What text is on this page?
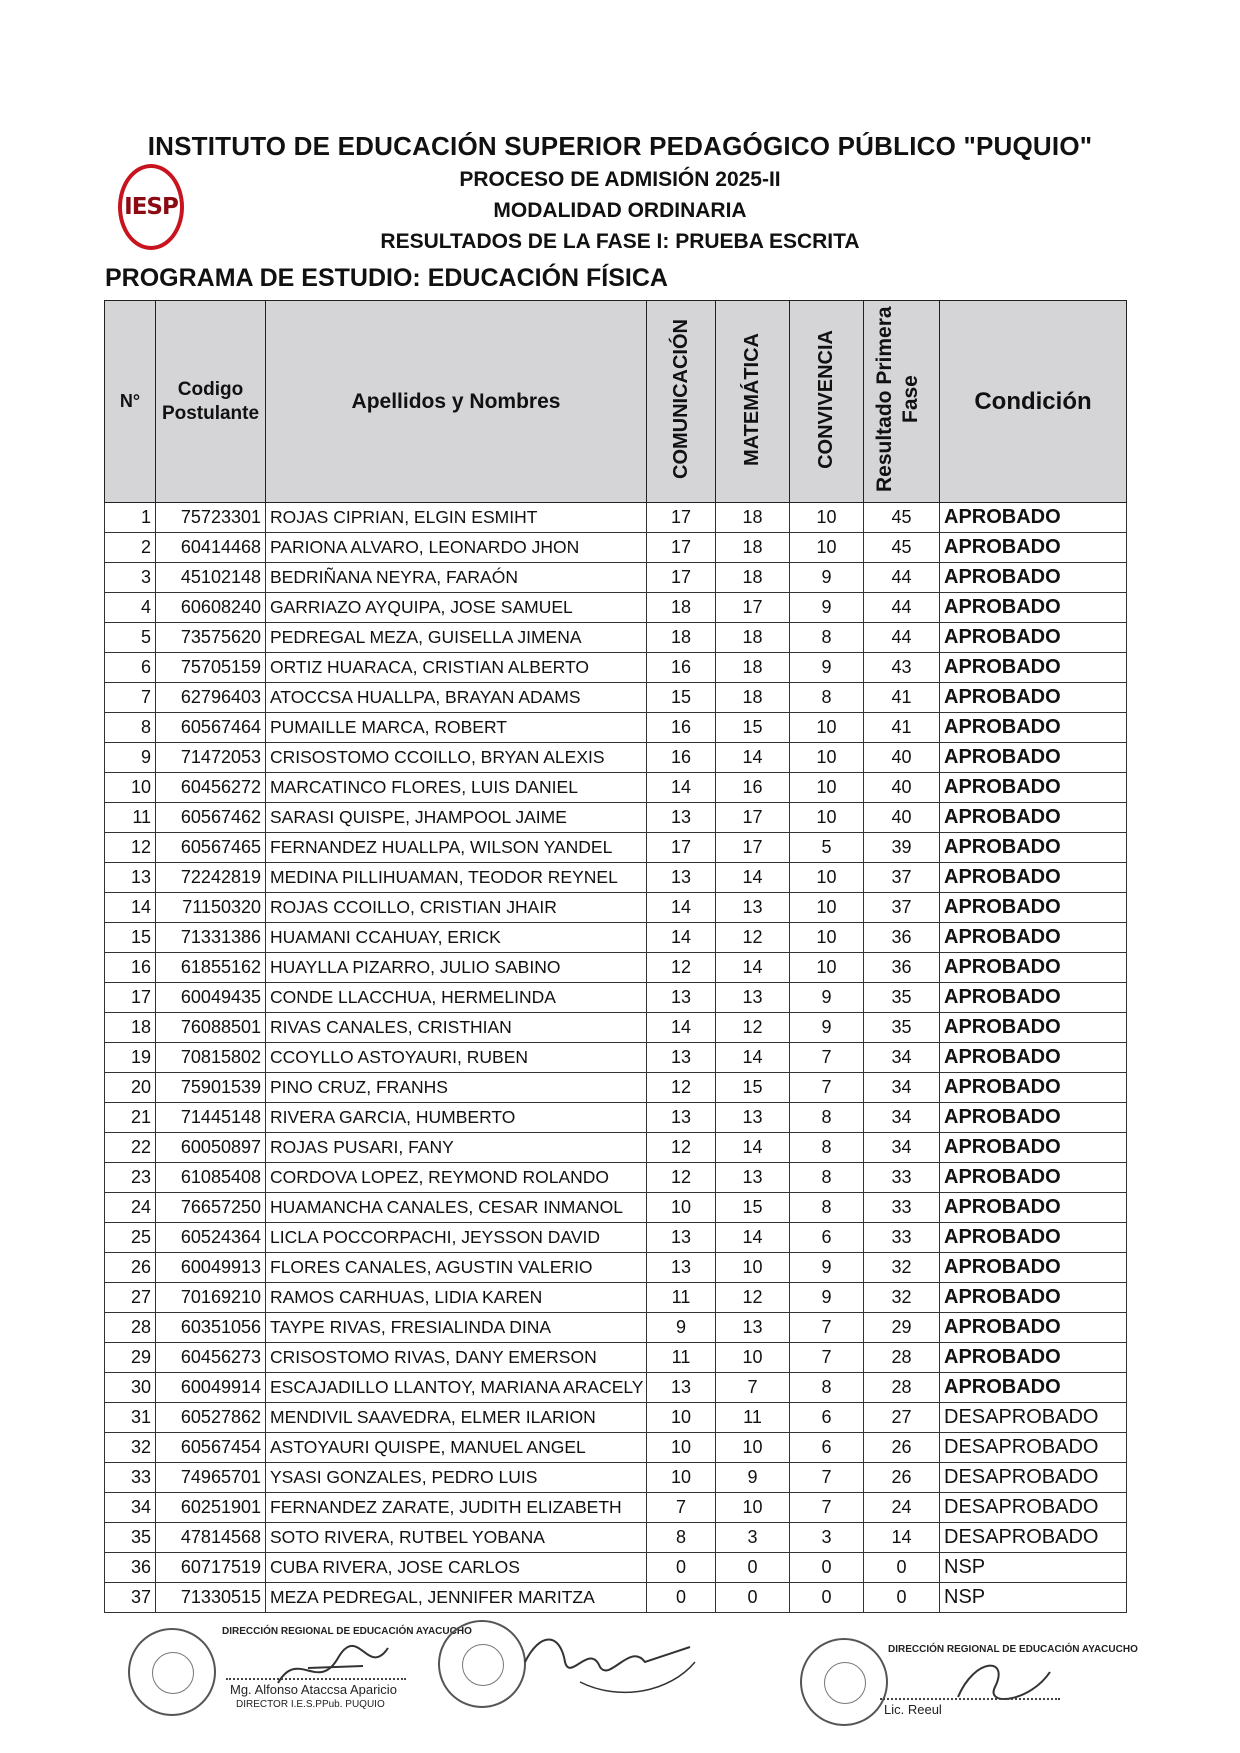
INSTITUTO DE EDUCACIÓN SUPERIOR PEDAGÓGICO PÚBLICO "PUQUIO"

PROCESO DE ADMISIÓN 2025-II

MODALIDAD ORDINARIA

RESULTADOS DE LA FASE I: PRUEBA ESCRITA

IESP
PROGRAMA DE ESTUDIO: EDUCACIÓN FÍSICA
N°	Codigo Postulante	Apellidos y Nombres	COMUNICACIÓN	MATEMÁTICA	CONVIVENCIA	Resultado Primera Fase	Condición
1	75723301	ROJAS CIPRIAN, ELGIN ESMIHT	17	18	10	45	APROBADO
2	60414468	PARIONA ALVARO, LEONARDO JHON	17	18	10	45	APROBADO
3	45102148	BEDRIÑANA NEYRA, FARAÓN	17	18	9	44	APROBADO
4	60608240	GARRIAZO AYQUIPA, JOSE SAMUEL	18	17	9	44	APROBADO
5	73575620	PEDREGAL MEZA, GUISELLA JIMENA	18	18	8	44	APROBADO
6	75705159	ORTIZ HUARACA, CRISTIAN ALBERTO	16	18	9	43	APROBADO
7	62796403	ATOCCSA HUALLPA, BRAYAN ADAMS	15	18	8	41	APROBADO
8	60567464	PUMAILLE MARCA, ROBERT	16	15	10	41	APROBADO
9	71472053	CRISOSTOMO CCOILLO, BRYAN ALEXIS	16	14	10	40	APROBADO
10	60456272	MARCATINCO FLORES, LUIS DANIEL	14	16	10	40	APROBADO
11	60567462	SARASI QUISPE, JHAMPOOL JAIME	13	17	10	40	APROBADO
12	60567465	FERNANDEZ HUALLPA, WILSON YANDEL	17	17	5	39	APROBADO
13	72242819	MEDINA PILLIHUAMAN, TEODOR REYNEL	13	14	10	37	APROBADO
14	71150320	ROJAS CCOILLO, CRISTIAN JHAIR	14	13	10	37	APROBADO
15	71331386	HUAMANI CCAHUAY, ERICK	14	12	10	36	APROBADO
16	61855162	HUAYLLA PIZARRO, JULIO SABINO	12	14	10	36	APROBADO
17	60049435	CONDE LLACCHUA, HERMELINDA	13	13	9	35	APROBADO
18	76088501	RIVAS CANALES, CRISTHIAN	14	12	9	35	APROBADO
19	70815802	CCOYLLO ASTOYAURI, RUBEN	13	14	7	34	APROBADO
20	75901539	PINO CRUZ, FRANHS	12	15	7	34	APROBADO
21	71445148	RIVERA GARCIA, HUMBERTO	13	13	8	34	APROBADO
22	60050897	ROJAS PUSARI, FANY	12	14	8	34	APROBADO
23	61085408	CORDOVA LOPEZ, REYMOND ROLANDO	12	13	8	33	APROBADO
24	76657250	HUAMANCHA CANALES, CESAR INMANOL	10	15	8	33	APROBADO
25	60524364	LICLA POCCORPACHI, JEYSSON DAVID	13	14	6	33	APROBADO
26	60049913	FLORES CANALES, AGUSTIN VALERIO	13	10	9	32	APROBADO
27	70169210	RAMOS CARHUAS, LIDIA KAREN	11	12	9	32	APROBADO
28	60351056	TAYPE RIVAS, FRESIALINDA DINA	9	13	7	29	APROBADO
29	60456273	CRISOSTOMO RIVAS, DANY EMERSON	11	10	7	28	APROBADO
30	60049914	ESCAJADILLO LLANTOY, MARIANA ARACELY	13	7	8	28	APROBADO
31	60527862	MENDIVIL SAAVEDRA, ELMER ILARION	10	11	6	27	DESAPROBADO
32	60567454	ASTOYAURI QUISPE, MANUEL ANGEL	10	10	6	26	DESAPROBADO
33	74965701	YSASI GONZALES, PEDRO LUIS	10	9	7	26	DESAPROBADO
34	60251901	FERNANDEZ ZARATE, JUDITH ELIZABETH	7	10	7	24	DESAPROBADO
35	47814568	SOTO RIVERA, RUTBEL YOBANA	8	3	3	14	DESAPROBADO
36	60717519	CUBA RIVERA, JOSE CARLOS	0	0	0	0	NSP
37	71330515	MEZA PEDREGAL, JENNIFER MARITZA	0	0	0	0	NSP
DIRECCIÓN REGIONAL DE EDUCACIÓN AYACUCHO
Mg. Alfonso Ataccsa Aparicio
DIRECTOR I.E.S.PPub. PUQUIO
DIRECCIÓN REGIONAL DE EDUCACIÓN AYACUCHO
Lic. Reeul
